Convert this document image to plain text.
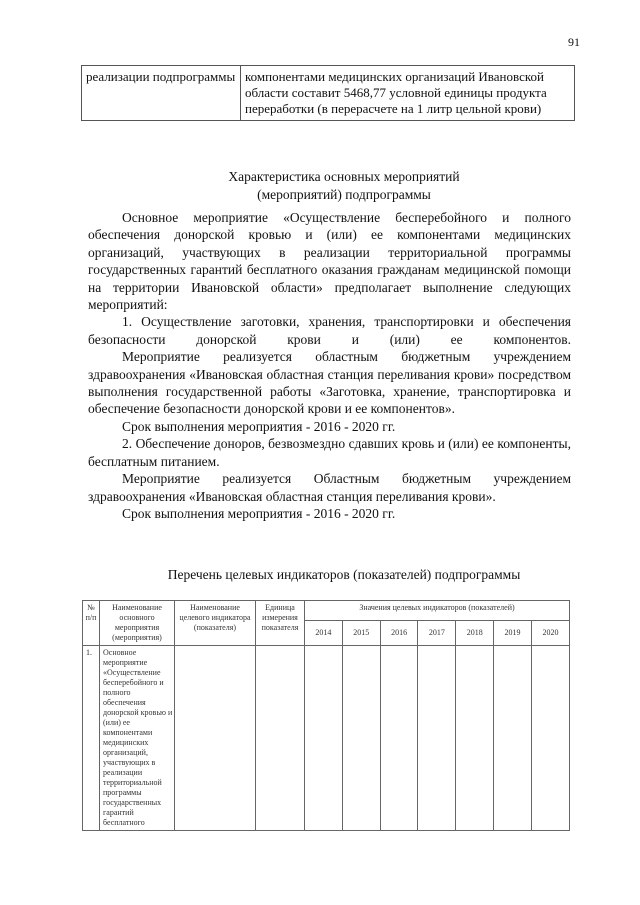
91
реализации подпрограммы	компонентами медицинских организаций Ивановской области составит 5468,77 условной единицы продукта переработки (в перерасчете на 1 литр цельной крови)
Характеристика основных мероприятий
(мероприятий) подпрограммы

Основное мероприятие «Осуществление бесперебойного и полного обеспечения донорской кровью и (или) ее компонентами медицинских организаций, участвующих в реализации территориальной программы государственных гарантий бесплатного оказания гражданам медицинской помощи на территории Ивановской области» предполагает выполнение следующих мероприятий:

1. Осуществление заготовки, хранения, транспортировки и обеспечения безопасности донорской крови и (или) ее компонентов.

Мероприятие реализуется областным бюджетным учреждением здравоохранения «Ивановская областная станция переливания крови» посредством выполнения государственной работы «Заготовка, хранение, транспортировка и обеспечение безопасности донорской крови и ее компонентов».

Срок выполнения мероприятия - 2016 - 2020 гг.

2. Обеспечение доноров, безвозмездно сдавших кровь и (или) ее компоненты, бесплатным питанием.

Мероприятие реализуется Областным бюджетным учреждением здравоохранения «Ивановская областная станция переливания крови».

Срок выполнения мероприятия - 2016 - 2020 гг.

Перечень целевых индикаторов (показателей) подпрограммы
№ п/п	Наименование основного мероприятия (мероприятия)	Наименование целевого индикатора (показателя)	Единица измерения показателя	Значения целевых индикаторов (показателей)						
				2014	2015	2016	2017	2018	2019	2020
1.	Основное мероприятие «Осуществление бесперебойного и полного обеспечения донорской кровью и (или) ее компонентами медицинских организаций, участвующих в реализации территориальной программы государственных гарантий бесплатного									
